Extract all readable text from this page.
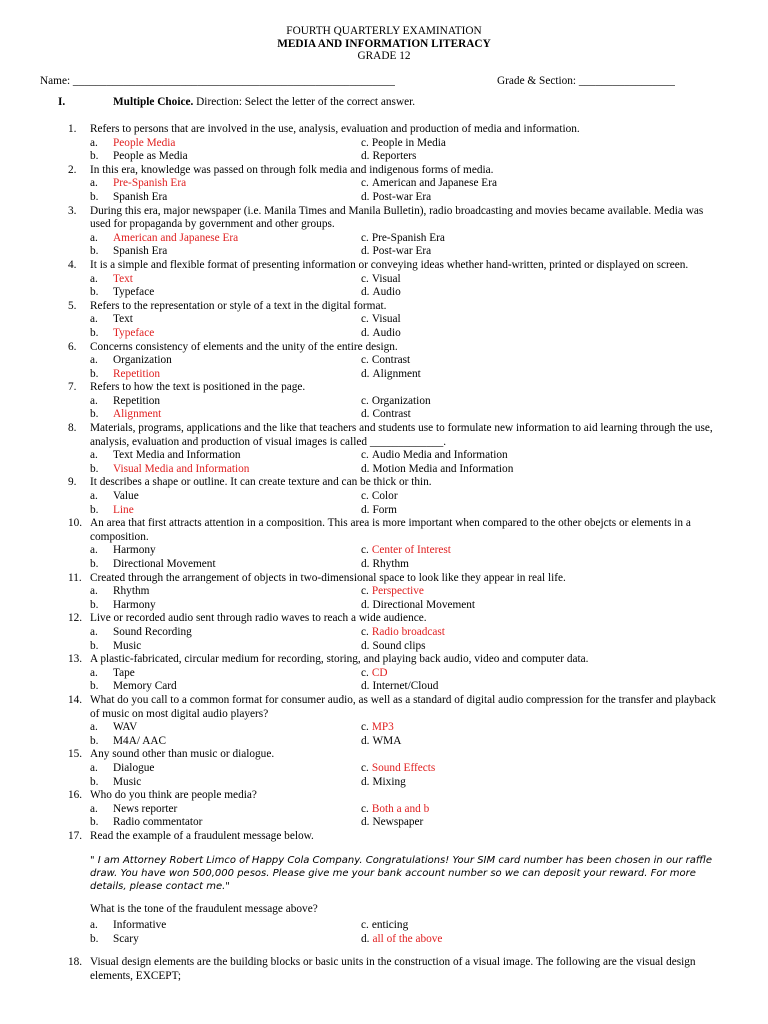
FOURTH QUARTERLY EXAMINATION
MEDIA AND INFORMATION LITERACY
GRADE 12
Name: _________________________________________________________	Grade & Section: _________________
I.	Multiple Choice. Direction: Select the letter of the correct answer.
1. Refers to persons that are involved in the use, analysis, evaluation and production of media and information.
a. People Media	c. People in Media
b. People as Media	d. Reporters
2. In this era, knowledge was passed on through folk media and indigenous forms of media.
a. Pre-Spanish Era	c. American and Japanese Era
b. Spanish Era	d. Post-war Era
3. During this era, major newspaper (i.e. Manila Times and Manila Bulletin), radio broadcasting and movies became available. Media was used for propaganda by government and other groups.
a. American and Japanese Era	c. Pre-Spanish Era
b. Spanish Era	d. Post-war Era
4. It is a simple and flexible format of presenting information or conveying ideas whether hand-written, printed or displayed on screen.
a. Text	c. Visual
b. Typeface	d. Audio
5. Refers to the representation or style of a text in the digital format.
a. Text	c. Visual
b. Typeface	d. Audio
6. Concerns consistency of elements and the unity of the entire design.
a. Organization	c. Contrast
b. Repetition	d. Alignment
7. Refers to how the text is positioned in the page.
a. Repetition	c. Organization
b. Alignment	d. Contrast
8. Materials, programs, applications and the like that teachers and students use to formulate new information to aid learning through the use, analysis, evaluation and production of visual images is called _____________.
a. Text Media and Information	c. Audio Media and Information
b. Visual Media and Information	d. Motion Media and Information
9. It describes a shape or outline. It can create texture and can be thick or thin.
a. Value	c. Color
b. Line	d. Form
10. An area that first attracts attention in a composition. This area is more important when compared to the other obejcts or elements in a composition.
a. Harmony	c. Center of Interest
b. Directional Movement	d. Rhythm
11. Created through the arrangement of objects in two-dimensional space to look like they appear in real life.
a. Rhythm	c. Perspective
b. Harmony	d. Directional Movement
12. Live or recorded audio sent through radio waves to reach a wide audience.
a. Sound Recording	c. Radio broadcast
b. Music	d. Sound clips
13. A plastic-fabricated, circular medium for recording, storing, and playing back audio, video and computer data.
a. Tape	c. CD
b. Memory Card	d. Internet/Cloud
14. What do you call to a common format for consumer audio, as well as a standard of digital audio compression for the transfer and playback of music on most digital audio players?
a. WAV	c. MP3
b. M4A/ AAC	d. WMA
15. Any sound other than music or dialogue.
a. Dialogue	c. Sound Effects
b. Music	d. Mixing
16. Who do you think are people media?
a. News reporter	c. Both a and b
b. Radio commentator	d. Newspaper
17. Read the example of a fraudulent message below.
" I am Attorney Robert Limco of Happy Cola Company. Congratulations! Your SIM card number has been chosen in our raffle draw. You have won 500,000 pesos. Please give me your bank account number so we can deposit your reward. For more details, please contact me."
What is the tone of the fraudulent message above?
a. Informative	c. enticing
b. Scary	d. all of the above
18. Visual design elements are the building blocks or basic units in the construction of a visual image. The following are the visual design elements, EXCEPT;
